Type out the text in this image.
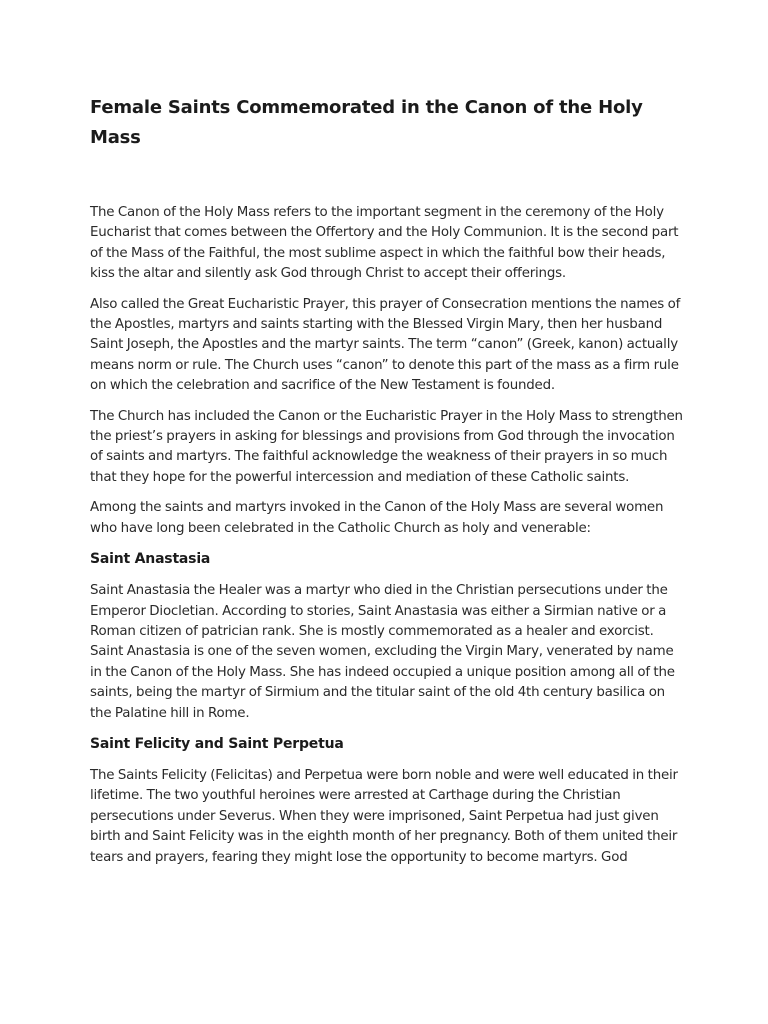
Female Saints Commemorated in the Canon of the Holy Mass

The Canon of the Holy Mass refers to the important segment in the ceremony of the Holy Eucharist that comes between the Offertory and the Holy Communion. It is the second part of the Mass of the Faithful, the most sublime aspect in which the faithful bow their heads, kiss the altar and silently ask God through Christ to accept their offerings.

Also called the Great Eucharistic Prayer, this prayer of Consecration mentions the names of the Apostles, martyrs and saints starting with the Blessed Virgin Mary, then her husband Saint Joseph, the Apostles and the martyr saints. The term “canon” (Greek, kanon) actually means norm or rule. The Church uses “canon” to denote this part of the mass as a firm rule on which the celebration and sacrifice of the New Testament is founded.

The Church has included the Canon or the Eucharistic Prayer in the Holy Mass to strengthen the priest’s prayers in asking for blessings and provisions from God through the invocation of saints and martyrs. The faithful acknowledge the weakness of their prayers in so much that they hope for the powerful intercession and mediation of these Catholic saints.

Among the saints and martyrs invoked in the Canon of the Holy Mass are several women who have long been celebrated in the Catholic Church as holy and venerable:

Saint Anastasia

Saint Anastasia the Healer was a martyr who died in the Christian persecutions under the Emperor Diocletian. According to stories, Saint Anastasia was either a Sirmian native or a Roman citizen of patrician rank. She is mostly commemorated as a healer and exorcist. Saint Anastasia is one of the seven women, excluding the Virgin Mary, venerated by name in the Canon of the Holy Mass. She has indeed occupied a unique position among all of the saints, being the martyr of Sirmium and the titular saint of the old 4th century basilica on the Palatine hill in Rome.

Saint Felicity and Saint Perpetua

The Saints Felicity (Felicitas) and Perpetua were born noble and were well educated in their lifetime. The two youthful heroines were arrested at Carthage during the Christian persecutions under Severus. When they were imprisoned, Saint Perpetua had just given birth and Saint Felicity was in the eighth month of her pregnancy. Both of them united their tears and prayers, fearing they might lose the opportunity to become martyrs. God
